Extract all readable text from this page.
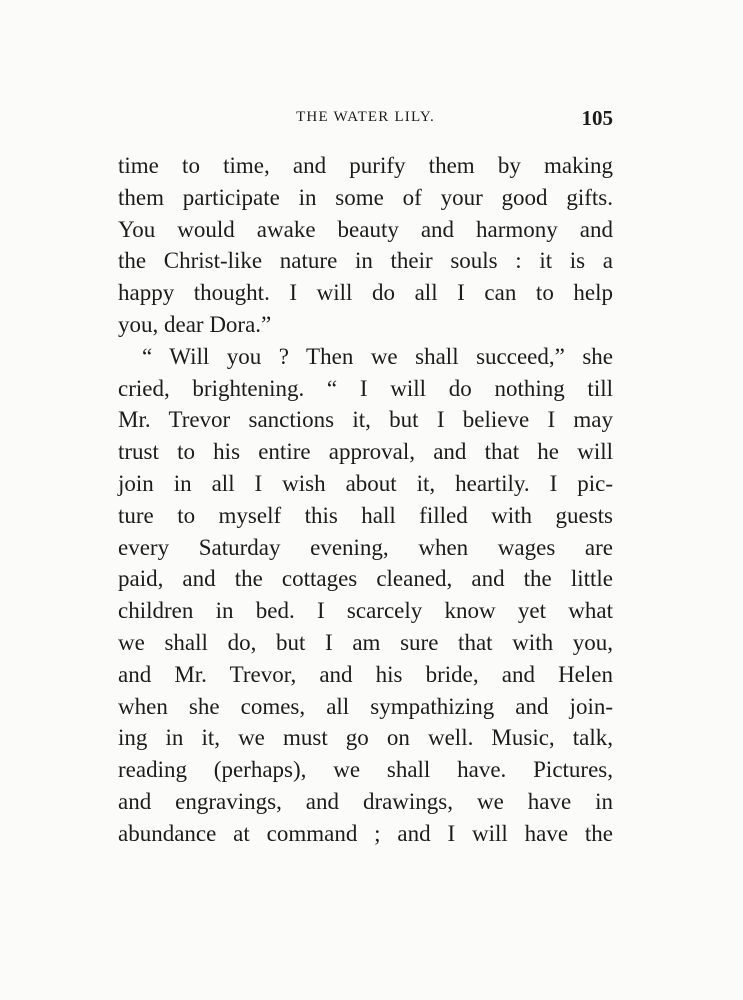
THE WATER LILY.	105
time to time, and purify them by making
them participate in some of your good gifts.
You would awake beauty and harmony and
the Christ-like nature in their souls : it is a
happy thought. I will do all I can to help
you, dear Dora.”
“ Will you ? Then we shall succeed,” she
cried, brightening. “ I will do nothing till
Mr. Trevor sanctions it, but I believe I may
trust to his entire approval, and that he will
join in all I wish about it, heartily. I pic-
ture to myself this hall filled with guests
every Saturday evening, when wages are
paid, and the cottages cleaned, and the little
children in bed. I scarcely know yet what
we shall do, but I am sure that with you,
and Mr. Trevor, and his bride, and Helen
when she comes, all sympathizing and join-
ing in it, we must go on well. Music, talk,
reading (perhaps), we shall have. Pictures,
and engravings, and drawings, we have in
abundance at command ; and I will have the
